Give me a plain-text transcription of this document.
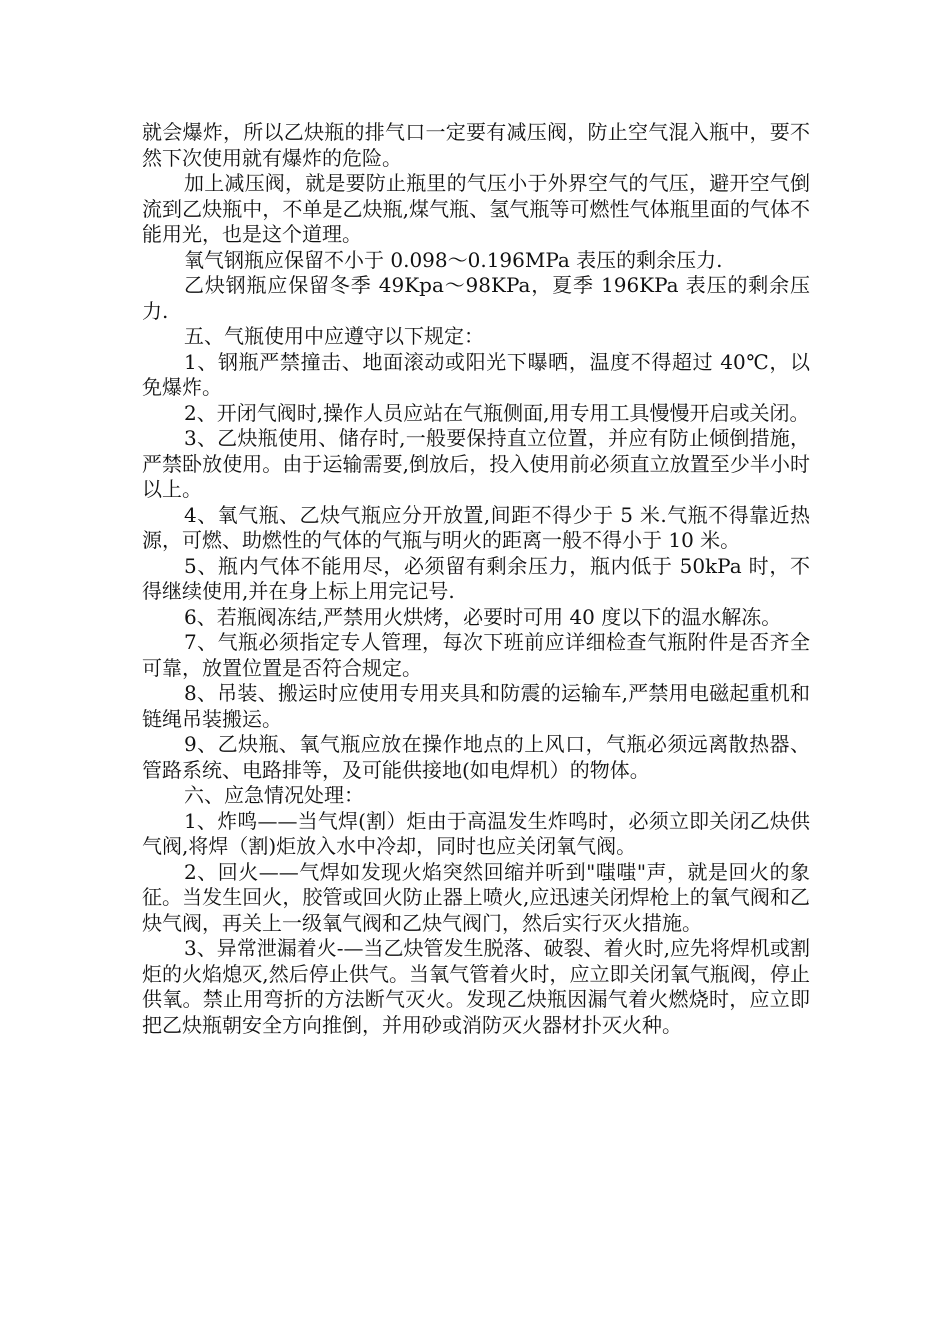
就会爆炸，所以乙炔瓶的排气口一定要有减压阀，防止空气混入瓶中，要不然下次使用就有爆炸的危险。

加上减压阀，就是要防止瓶里的气压小于外界空气的气压，避开空气倒流到乙炔瓶中，不单是乙炔瓶,煤气瓶、氢气瓶等可燃性气体瓶里面的气体不能用光，也是这个道理。

氧气钢瓶应保留不小于 0.098～0.196MPa 表压的剩余压力.

乙炔钢瓶应保留冬季 49Kpa～98KPa，夏季 196KPa 表压的剩余压力.

五、气瓶使用中应遵守以下规定：

1、钢瓶严禁撞击、地面滚动或阳光下曝晒，温度不得超过 40℃，以免爆炸。

2、开闭气阀时,操作人员应站在气瓶侧面,用专用工具慢慢开启或关闭。

3、乙炔瓶使用、储存时,一般要保持直立位置，并应有防止倾倒措施，严禁卧放使用。由于运输需要,倒放后，投入使用前必须直立放置至少半小时以上。

4、氧气瓶、乙炔气瓶应分开放置,间距不得少于 5 米.气瓶不得靠近热源，可燃、助燃性的气体的气瓶与明火的距离一般不得小于 10 米。

5、瓶内气体不能用尽，必须留有剩余压力，瓶内低于 50kPa 时，不得继续使用,并在身上标上用完记号.

6、若瓶阀冻结,严禁用火烘烤，必要时可用 40 度以下的温水解冻。

7、气瓶必须指定专人管理，每次下班前应详细检查气瓶附件是否齐全可靠，放置位置是否符合规定。

8、吊装、搬运时应使用专用夹具和防震的运输车,严禁用电磁起重机和链绳吊装搬运。

9、乙炔瓶、氧气瓶应放在操作地点的上风口，气瓶必须远离散热器、管路系统、电路排等，及可能供接地(如电焊机）的物体。

六、应急情况处理：

1、炸鸣——当气焊(割）炬由于高温发生炸鸣时，必须立即关闭乙炔供气阀,将焊（割)炬放入水中冷却，同时也应关闭氧气阀。

2、回火——气焊如发现火焰突然回缩并听到"嗤嗤"声，就是回火的象征。当发生回火，胶管或回火防止器上喷火,应迅速关闭焊枪上的氧气阀和乙炔气阀，再关上一级氧气阀和乙炔气阀门，然后实行灭火措施。

3、异常泄漏着火-—当乙炔管发生脱落、破裂、着火时,应先将焊机或割炬的火焰熄灭,然后停止供气。当氧气管着火时，应立即关闭氧气瓶阀，停止供氧。禁止用弯折的方法断气灭火。发现乙炔瓶因漏气着火燃烧时，应立即把乙炔瓶朝安全方向推倒，并用砂或消防灭火器材扑灭火种。
